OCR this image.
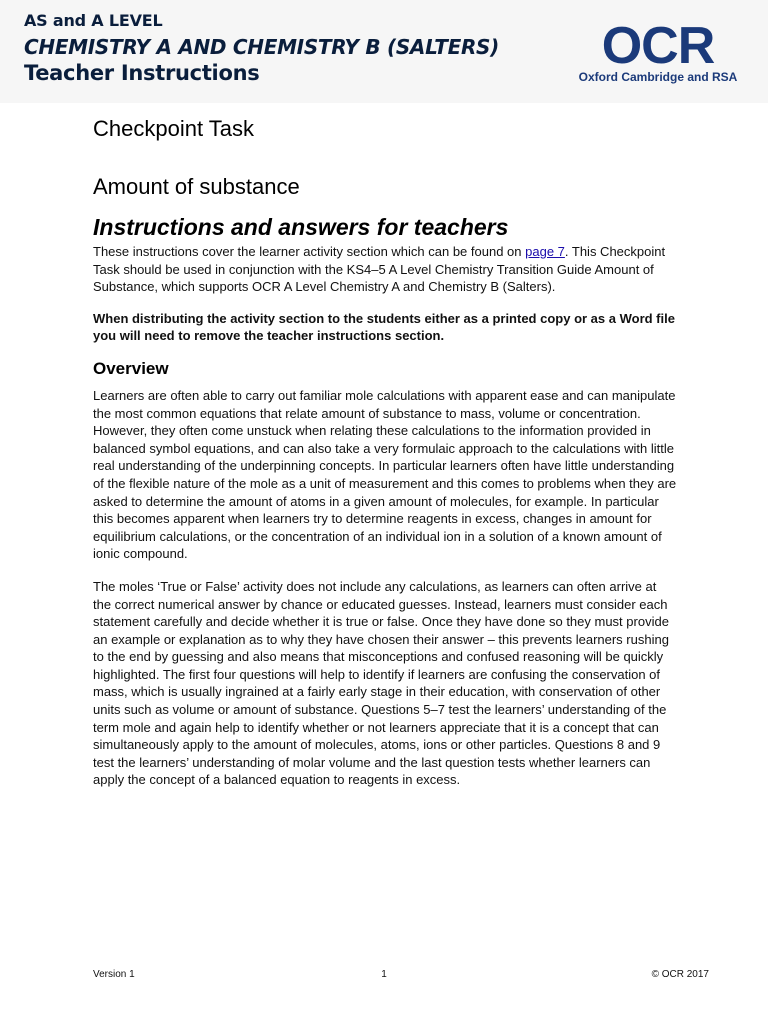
AS and A LEVEL
CHEMISTRY A AND CHEMISTRY B (SALTERS)
Teacher Instructions	OCR
Oxford Cambridge and RSA
Checkpoint Task
Amount of substance
Instructions and answers for teachers

These instructions cover the learner activity section which can be found on page 7. This Checkpoint Task should be used in conjunction with the KS4–5 A Level Chemistry Transition Guide Amount of Substance, which supports OCR A Level Chemistry A and Chemistry B (Salters).

When distributing the activity section to the students either as a printed copy or as a Word file you will need to remove the teacher instructions section.

Overview

Learners are often able to carry out familiar mole calculations with apparent ease and can manipulate the most common equations that relate amount of substance to mass, volume or concentration. However, they often come unstuck when relating these calculations to the information provided in balanced symbol equations, and can also take a very formulaic approach to the calculations with little real understanding of the underpinning concepts. In particular learners often have little understanding of the flexible nature of the mole as a unit of measurement and this comes to problems when they are asked to determine the amount of atoms in a given amount of molecules, for example. In particular this becomes apparent when learners try to determine reagents in excess, changes in amount for equilibrium calculations, or the concentration of an individual ion in a solution of a known amount of ionic compound.

The moles ‘True or False’ activity does not include any calculations, as learners can often arrive at the correct numerical answer by chance or educated guesses. Instead, learners must consider each statement carefully and decide whether it is true or false. Once they have done so they must provide an example or explanation as to why they have chosen their answer – this prevents learners rushing to the end by guessing and also means that misconceptions and confused reasoning will be quickly highlighted. The first four questions will help to identify if learners are confusing the conservation of mass, which is usually ingrained at a fairly early stage in their education, with conservation of other units such as volume or amount of substance. Questions 5–7 test the learners’ understanding of the term mole and again help to identify whether or not learners appreciate that it is a concept that can simultaneously apply to the amount of molecules, atoms, ions or other particles. Questions 8 and 9 test the learners’ understanding of molar volume and the last question tests whether learners can apply the concept of a balanced equation to reagents in excess.

Version 1	1	© OCR 2017
